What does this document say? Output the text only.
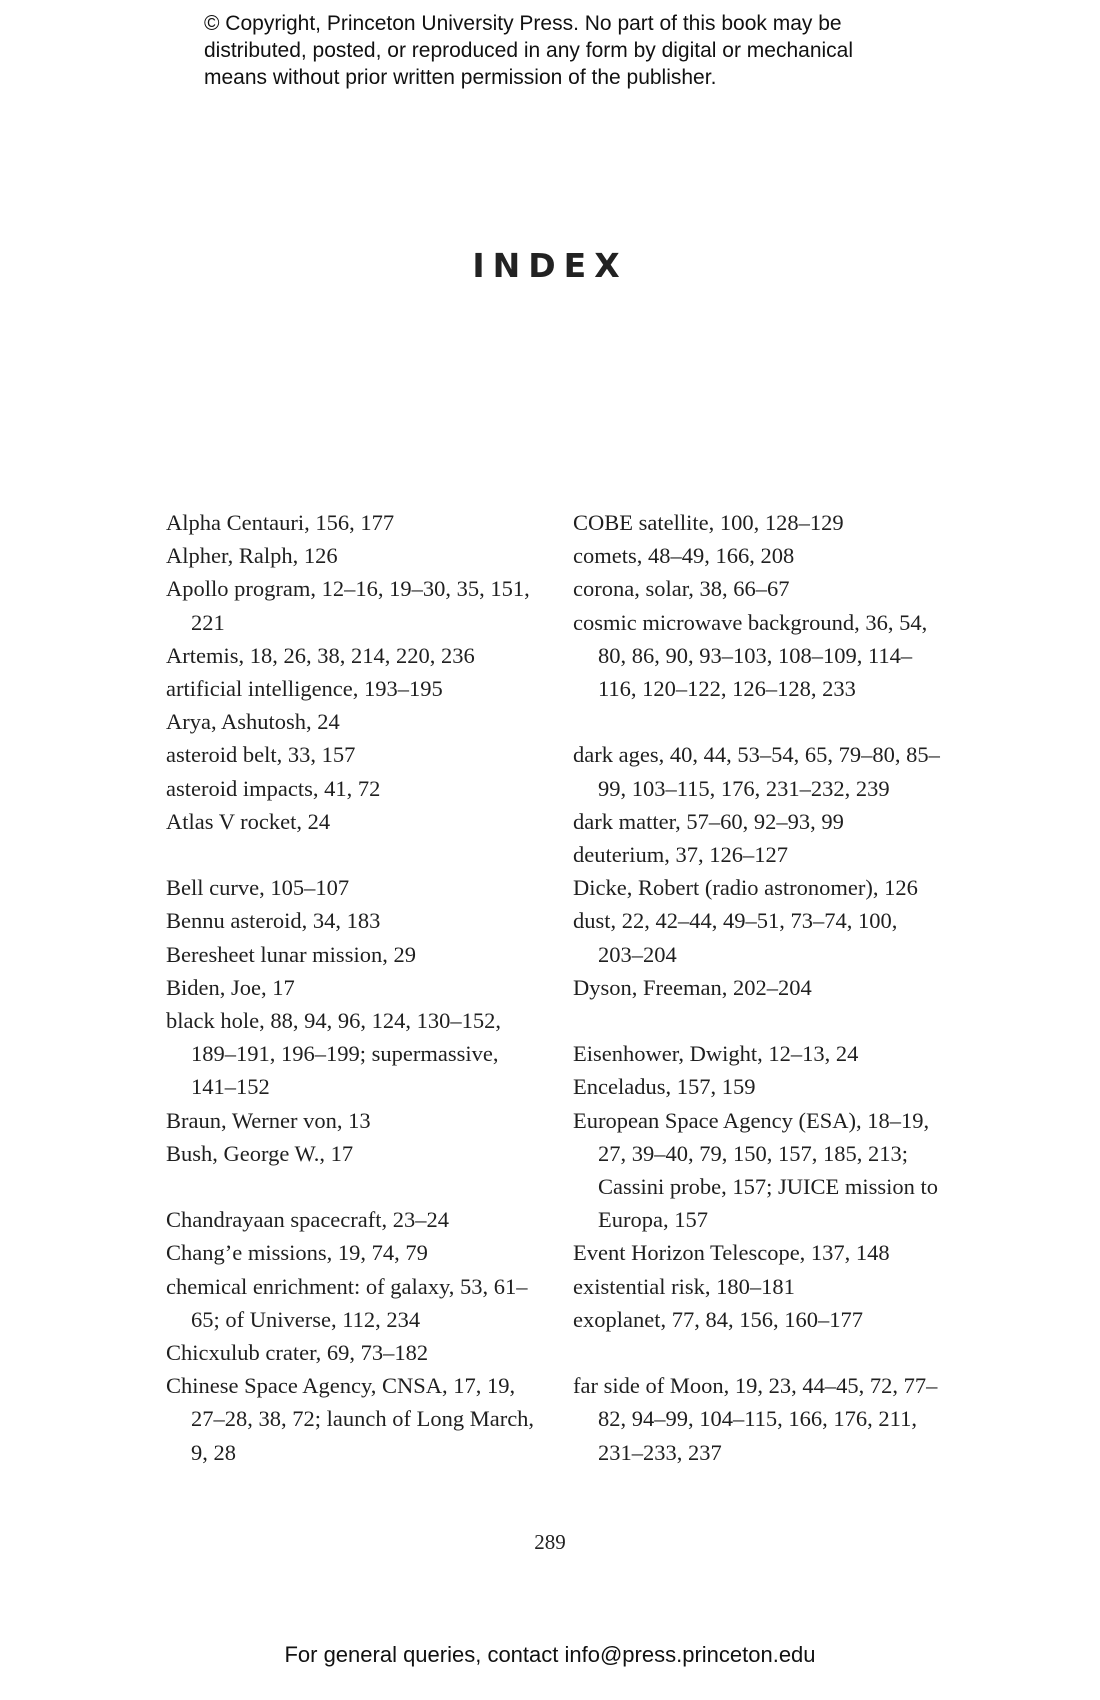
© Copyright, Princeton University Press. No part of this book may be
distributed, posted, or reproduced in any form by digital or mechanical
means without prior written permission of the publisher.
INDEX
Alpha Centauri, 156, 177
Alpher, Ralph, 126
Apollo program, 12–16, 19–30, 35, 151, 221
Artemis, 18, 26, 38, 214, 220, 236
artificial intelligence, 193–195
Arya, Ashutosh, 24
asteroid belt, 33, 157
asteroid impacts, 41, 72
Atlas V rocket, 24
Bell curve, 105–107
Bennu asteroid, 34, 183
Beresheet lunar mission, 29
Biden, Joe, 17
black hole, 88, 94, 96, 124, 130–152, 189–191, 196–199; supermassive, 141–152
Braun, Werner von, 13
Bush, George W., 17
Chandrayaan spacecraft, 23–24
Chang’e missions, 19, 74, 79
chemical enrichment: of galaxy, 53, 61–65; of Universe, 112, 234
Chicxulub crater, 69, 73–182
Chinese Space Agency, CNSA, 17, 19, 27–28, 38, 72; launch of Long March, 9, 28
COBE satellite, 100, 128–129
comets, 48–49, 166, 208
corona, solar, 38, 66–67
cosmic microwave background, 36, 54, 80, 86, 90, 93–103, 108–109, 114–116, 120–122, 126–128, 233
dark ages, 40, 44, 53–54, 65, 79–80, 85–99, 103–115, 176, 231–232, 239
dark matter, 57–60, 92–93, 99
deuterium, 37, 126–127
Dicke, Robert (radio astronomer), 126
dust, 22, 42–44, 49–51, 73–74, 100, 203–204
Dyson, Freeman, 202–204
Eisenhower, Dwight, 12–13, 24
Enceladus, 157, 159
European Space Agency (ESA), 18–19, 27, 39–40, 79, 150, 157, 185, 213; Cassini probe, 157; JUICE mission to Europa, 157
Event Horizon Telescope, 137, 148
existential risk, 180–181
exoplanet, 77, 84, 156, 160–177
far side of Moon, 19, 23, 44–45, 72, 77–82, 94–99, 104–115, 166, 176, 211, 231–233, 237
289
For general queries, contact info@press.princeton.edu
